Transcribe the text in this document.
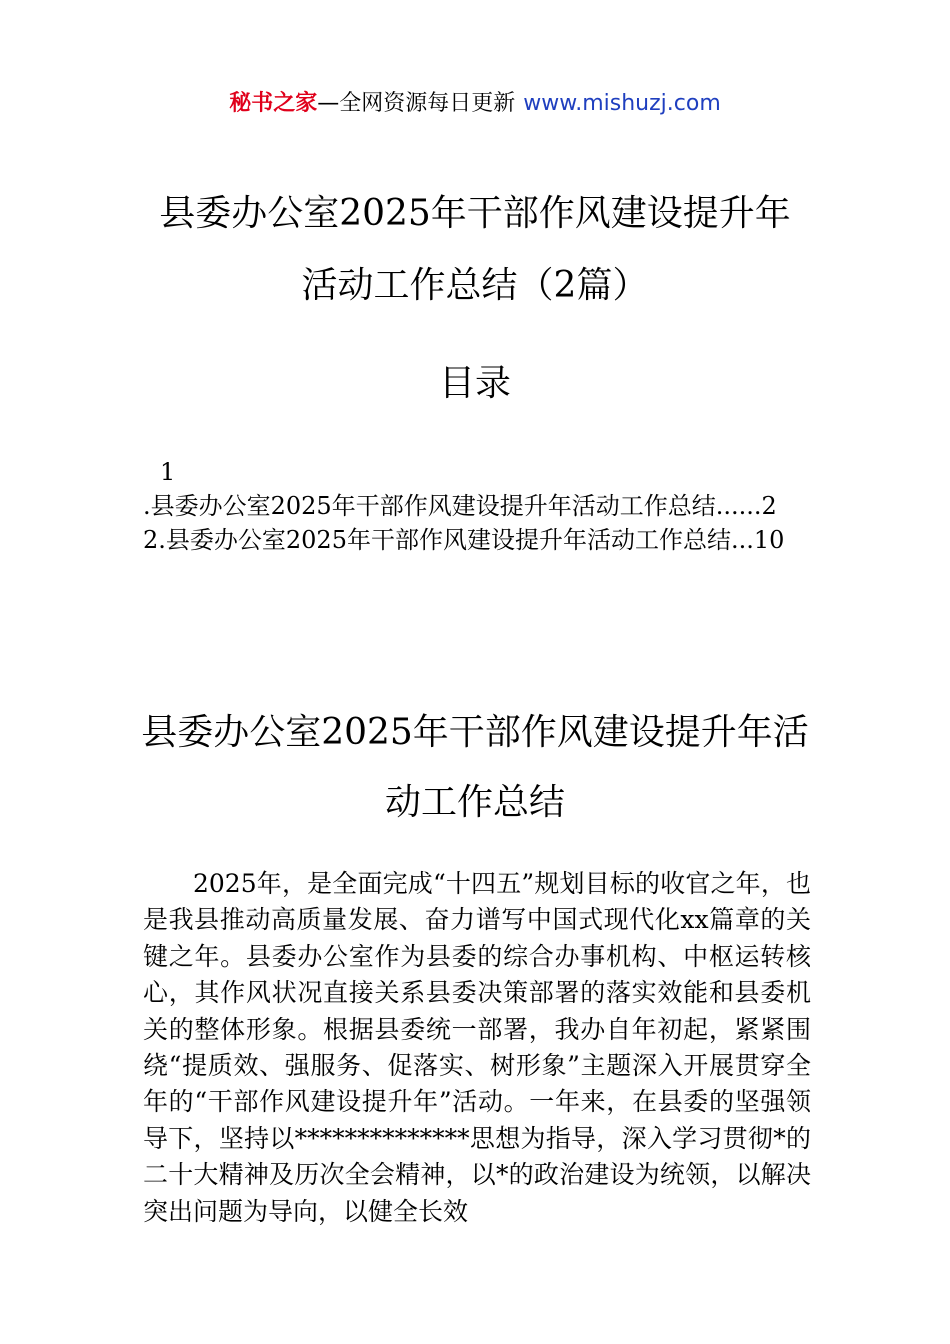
秘书之家—全网资源每日更新 www.mishuzj.com
县委办公室2025年干部作风建设提升年
活动工作总结（2篇）
目录
1
.县委办公室2025年干部作风建设提升年活动工作总结......2
2.县委办公室2025年干部作风建设提升年活动工作总结...10
县委办公室2025年干部作风建设提升年活
动工作总结

2025年，是全面完成“十四五”规划目标的收官之年，也是我县推动高质量发展、奋力谱写中国式现代化xx篇章的关键之年。县委办公室作为县委的综合办事机构、中枢运转核心，其作风状况直接关系县委决策部署的落实效能和县委机关的整体形象。根据县委统一部署，我办自年初起，紧紧围绕“提质效、强服务、促落实、树形象”主题深入开展贯穿全年的“干部作风建设提升年”活动。一年来，在县委的坚强领导下，坚持以**************思想为指导，深入学习贯彻*的二十大精神及历次全会精神，以*的政治建设为统领，以解决突出问题为导向，以健全长效
